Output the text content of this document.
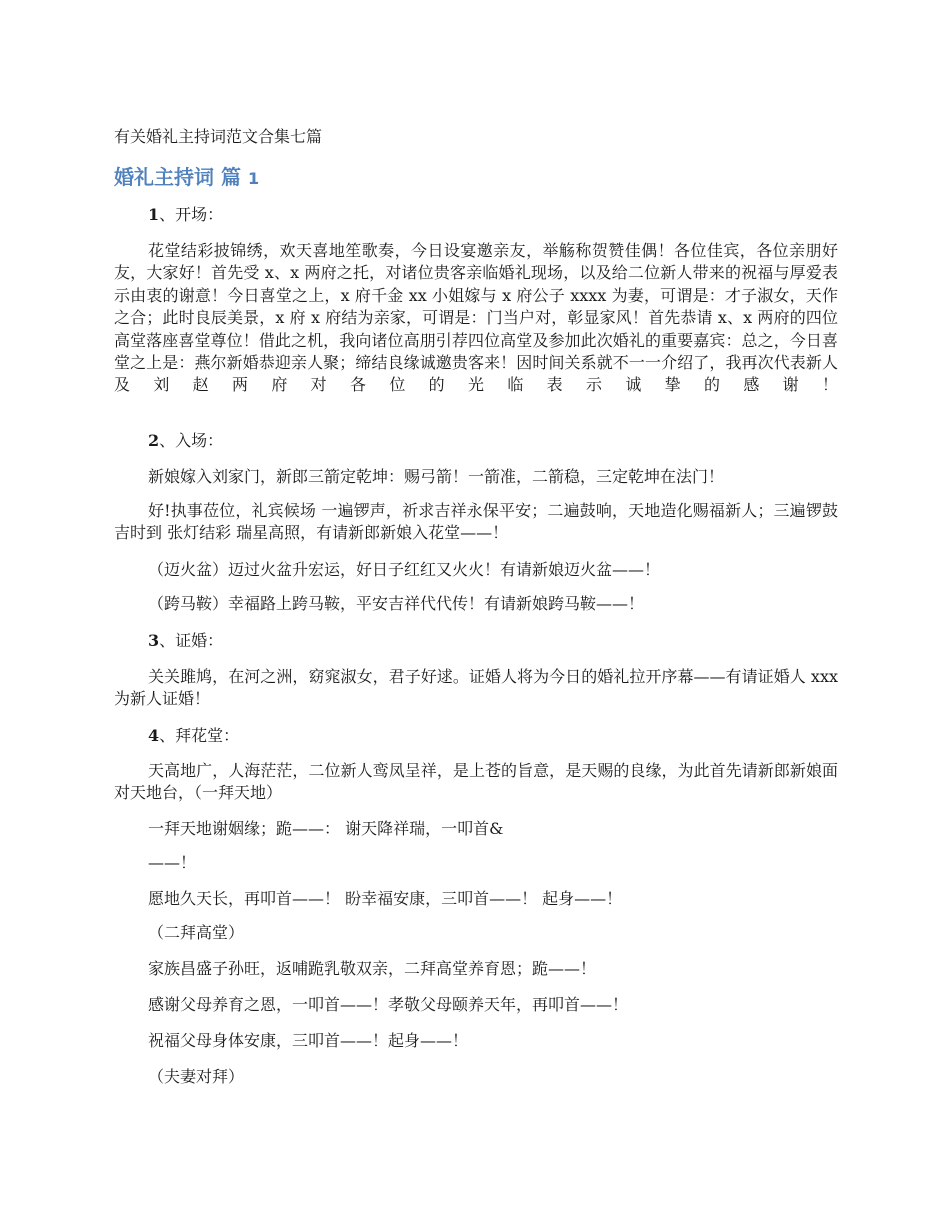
有关婚礼主持词范文合集七篇
婚礼主持词 篇 1

1、开场：

花堂结彩披锦绣，欢天喜地笙歌奏，今日设宴邀亲友，举觞称贺赞佳偶！各位佳宾，各位亲朋好友，大家好！首先受 x、x 两府之托，对诸位贵客亲临婚礼现场，以及给二位新人带来的祝福与厚爱表示由衷的谢意！今日喜堂之上，x 府千金 xx 小姐嫁与 x 府公子 xxxx 为妻，可谓是：才子淑女，天作之合；此时良辰美景，x 府 x 府结为亲家，可谓是：门当户对，彰显家风！首先恭请 x、x 两府的四位高堂落座喜堂尊位！借此之机，我向诸位高朋引荐四位高堂及参加此次婚礼的重要嘉宾：总之，今日喜堂之上是：燕尔新婚恭迎亲人聚；缔结良缘诚邀贵客来！因时间关系就不一一介绍了，我再次代表新人及刘赵两府对各位的光临表示诚挚的感谢！

2、入场：

新娘嫁入刘家门，新郎三箭定乾坤：赐弓箭！一箭准，二箭稳，三定乾坤在法门！

好!执事莅位，礼宾候场 一遍锣声，祈求吉祥永保平安；二遍鼓响，天地造化赐福新人；三遍锣鼓吉时到 张灯结彩 瑞星高照，有请新郎新娘入花堂——！

（迈火盆）迈过火盆升宏运，好日子红红又火火！有请新娘迈火盆——！

（跨马鞍）幸福路上跨马鞍，平安吉祥代代传！有请新娘跨马鞍——！

3、证婚：

关关雎鸠，在河之洲，窈窕淑女，君子好逑。证婚人将为今日的婚礼拉开序幕——有请证婚人 xxx 为新人证婚！

4、拜花堂：

天高地广，人海茫茫，二位新人鸾凤呈祥，是上苍的旨意，是天赐的良缘，为此首先请新郎新娘面对天地台，（一拜天地）

一拜天地谢姻缘；跪——： 谢天降祥瑞，一叩首&

——！

愿地久天长，再叩首——！ 盼幸福安康，三叩首——！ 起身——！

（二拜高堂）

家族昌盛子孙旺，返哺跪乳敬双亲，二拜高堂养育恩；跪——！

感谢父母养育之恩，一叩首——！孝敬父母颐养天年，再叩首——！

祝福父母身体安康，三叩首——！起身——！

（夫妻对拜）
